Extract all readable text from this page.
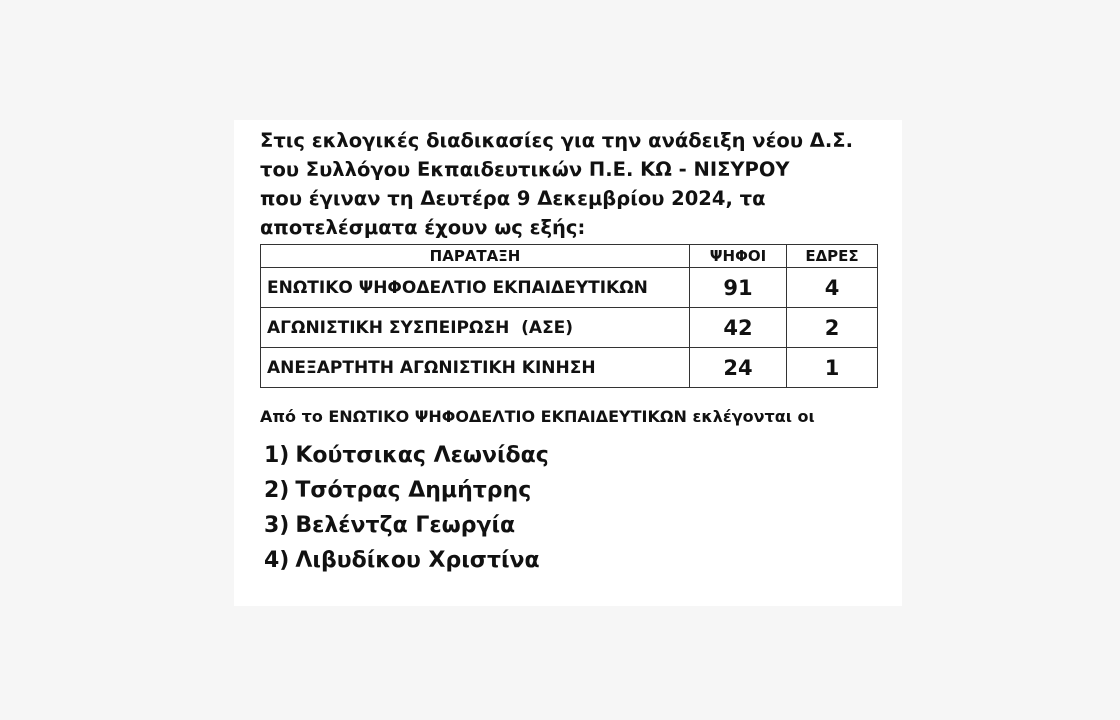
Στις εκλογικές διαδικασίες για την ανάδειξη νέου Δ.Σ.
του Συλλόγου Εκπαιδευτικών Π.Ε. ΚΩ - ΝΙΣΥΡΟΥ
που έγιναν τη Δευτέρα 9 Δεκεμβρίου 2024, τα
αποτελέσματα έχουν ως εξής:
ΠΑΡΑΤΑΞΗ	ΨΗΦΟΙ	ΕΔΡΕΣ
ΕΝΩΤΙΚΟ ΨΗΦΟΔΕΛΤΙΟ ΕΚΠΑΙΔΕΥΤΙΚΩΝ	91	4
ΑΓΩΝΙΣΤΙΚΗ ΣΥΣΠΕΙΡΩΣΗ  (ΑΣΕ)	42	2
ΑΝΕΞΑΡΤΗΤΗ ΑΓΩΝΙΣΤΙΚΗ ΚΙΝΗΣΗ	24	1
Από το ΕΝΩΤΙΚΟ ΨΗΦΟΔΕΛΤΙΟ ΕΚΠΑΙΔΕΥΤΙΚΩΝ εκλέγονται οι
1) Κούτσικας Λεωνίδας
2) Τσότρας Δημήτρης
3) Βελέντζα Γεωργία
4) Λιβυδίκου Χριστίνα
